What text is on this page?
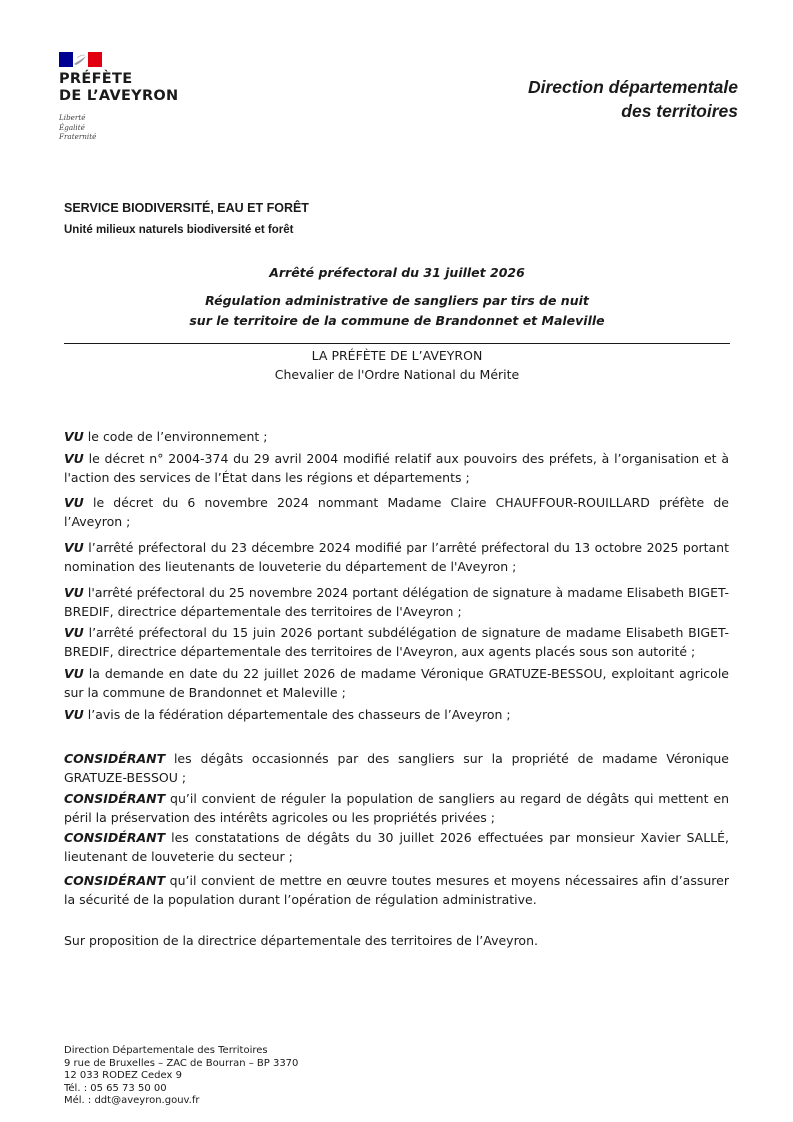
PRÉFÈTE
DE L’AVEYRON
Liberté
Égalité
Fraternité
Direction départementale
des territoires
SERVICE BIODIVERSITÉ, EAU ET FORÊT
Unité milieux naturels biodiversité et forêt
Arrêté préfectoral du 31 juillet 2026
Régulation administrative de sangliers par tirs de nuit
sur le territoire de la commune de Brandonnet et Maleville
LA PRÉFÈTE DE L’AVEYRON
Chevalier de l'Ordre National du Mérite
VU le code de l’environnement ;
VU le décret n° 2004-374 du 29 avril 2004 modifié relatif aux pouvoirs des préfets, à l’organisation et à l'action des services de l’État dans les régions et départements ;
VU le décret du 6 novembre 2024 nommant Madame Claire CHAUFFOUR-ROUILLARD préfète de l’Aveyron ;
VU l’arrêté préfectoral du 23 décembre 2024 modifié par l’arrêté préfectoral du 13 octobre 2025 portant nomination des lieutenants de louveterie du département de l'Aveyron ;
VU l'arrêté préfectoral du 25 novembre 2024 portant délégation de signature à madame Elisabeth BIGET-BREDIF, directrice départementale des territoires de l'Aveyron ;
VU l’arrêté préfectoral du 15 juin 2026 portant subdélégation de signature de madame Elisabeth BIGET-BREDIF, directrice départementale des territoires de l'Aveyron, aux agents placés sous son autorité ;
VU la demande en date du 22 juillet 2026 de madame Véronique GRATUZE-BESSOU, exploitant agricole sur la commune de Brandonnet et Maleville ;
VU l’avis de la fédération départementale des chasseurs de l’Aveyron ;
CONSIDÉRANT les dégâts occasionnés par des sangliers sur la propriété de madame Véronique GRATUZE-BESSOU ;
CONSIDÉRANT qu’il convient de réguler la population de sangliers au regard de dégâts qui mettent en péril la préservation des intérêts agricoles ou les propriétés privées ;
CONSIDÉRANT les constatations de dégâts du 30 juillet 2026 effectuées par monsieur Xavier SALLÉ, lieutenant de louveterie du secteur ;
CONSIDÉRANT qu’il convient de mettre en œuvre toutes mesures et moyens nécessaires afin d’assurer la sécurité de la population durant l’opération de régulation administrative.
Sur proposition de la directrice départementale des territoires de l’Aveyron.
Direction Départementale des Territoires
9 rue de Bruxelles – ZAC de Bourran – BP 3370
12 033 RODEZ Cedex 9
Tél. : 05 65 73 50 00
Mél. : ddt@aveyron.gouv.fr
